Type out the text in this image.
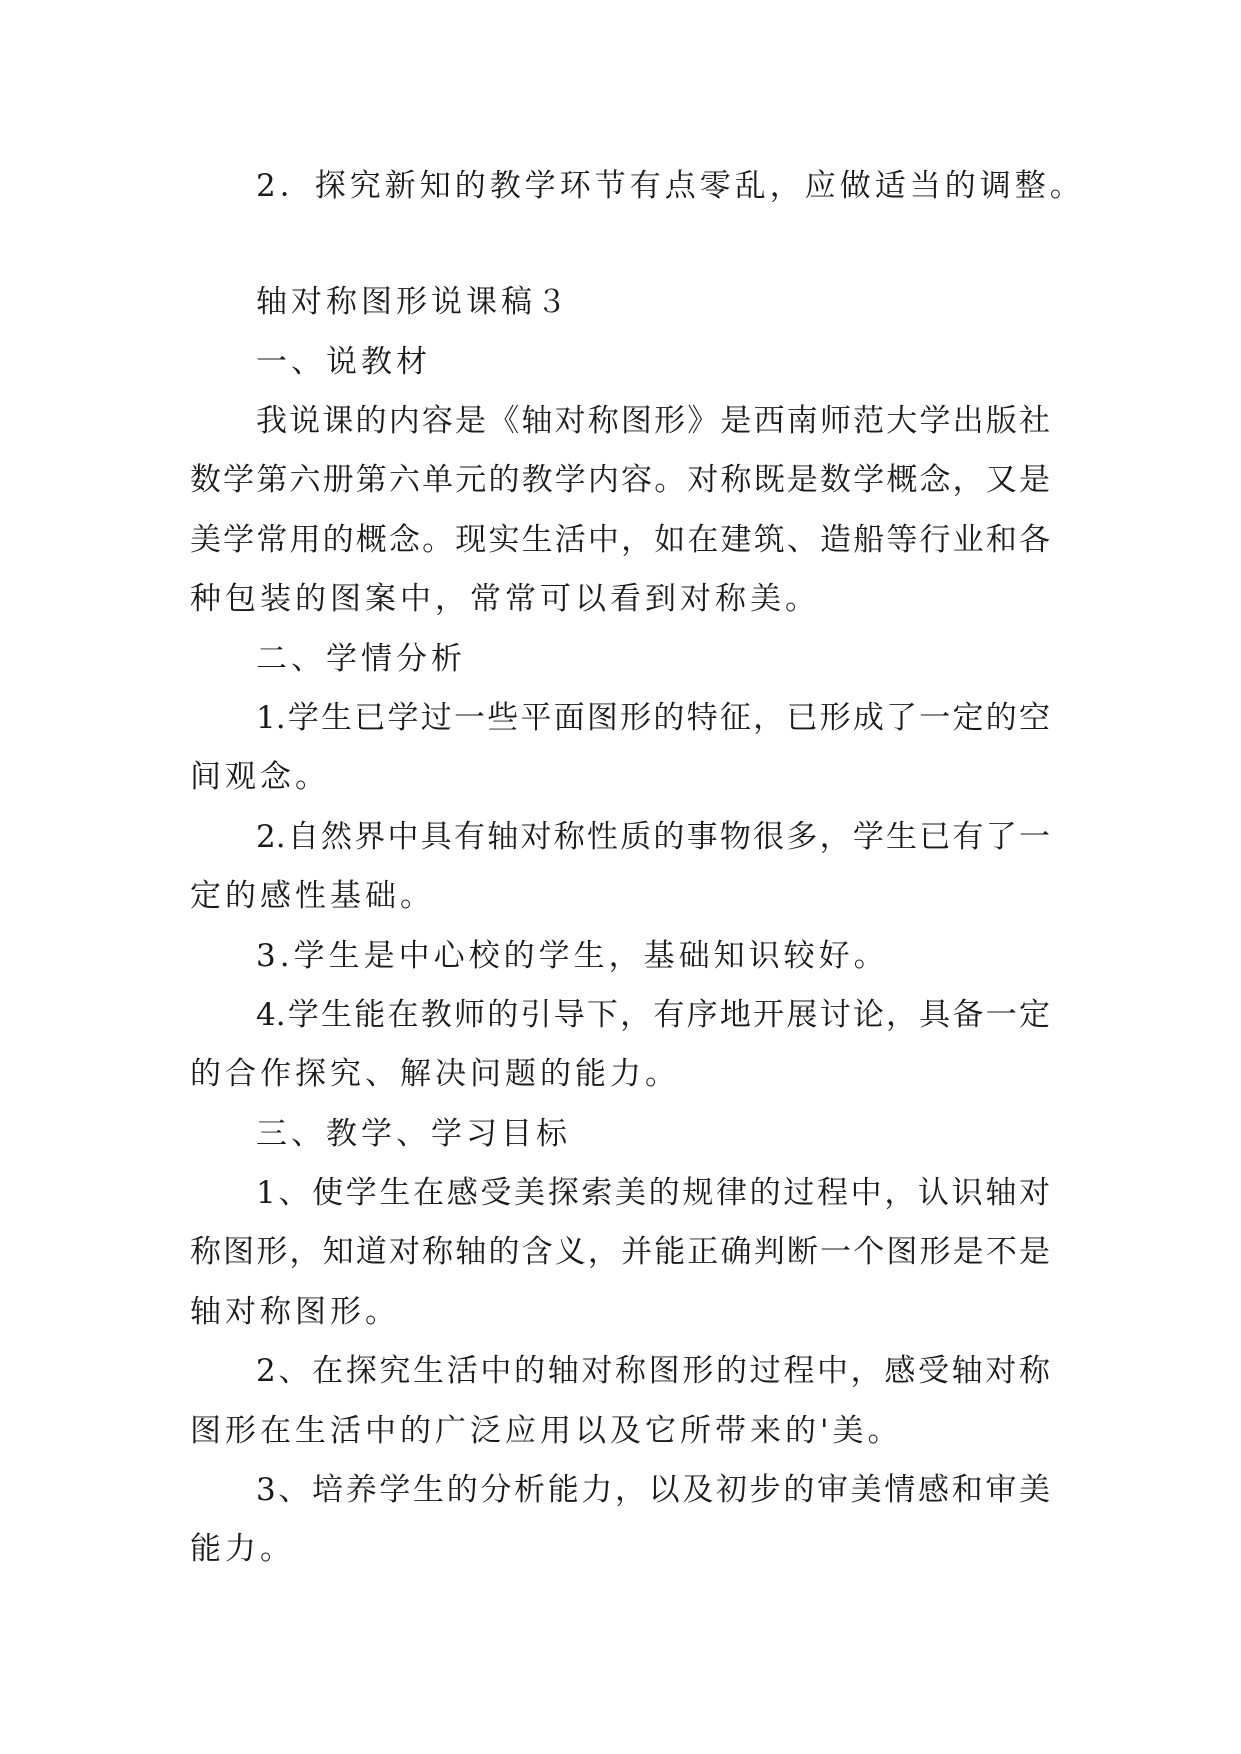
2．探究新知的教学环节有点零乱，应做适当的调整。
轴对称图形说课稿３
一、说教材
我说课的内容是《轴对称图形》是西南师范大学出版社
数学第六册第六单元的教学内容。对称既是数学概念，又是
美学常用的概念。现实生活中，如在建筑、造船等行业和各
种包装的图案中，常常可以看到对称美。
二、学情分析
1.学生已学过一些平面图形的特征，已形成了一定的空
间观念。
2.自然界中具有轴对称性质的事物很多，学生已有了一
定的感性基础。
3.学生是中心校的学生，基础知识较好。
4.学生能在教师的引导下，有序地开展讨论，具备一定
的合作探究、解决问题的能力。
三、教学、学习目标
1、使学生在感受美探索美的规律的过程中，认识轴对
称图形，知道对称轴的含义，并能正确判断一个图形是不是
轴对称图形。
2、在探究生活中的轴对称图形的过程中，感受轴对称
图形在生活中的广泛应用以及它所带来的'美。
3、培养学生的分析能力，以及初步的审美情感和审美
能力。
